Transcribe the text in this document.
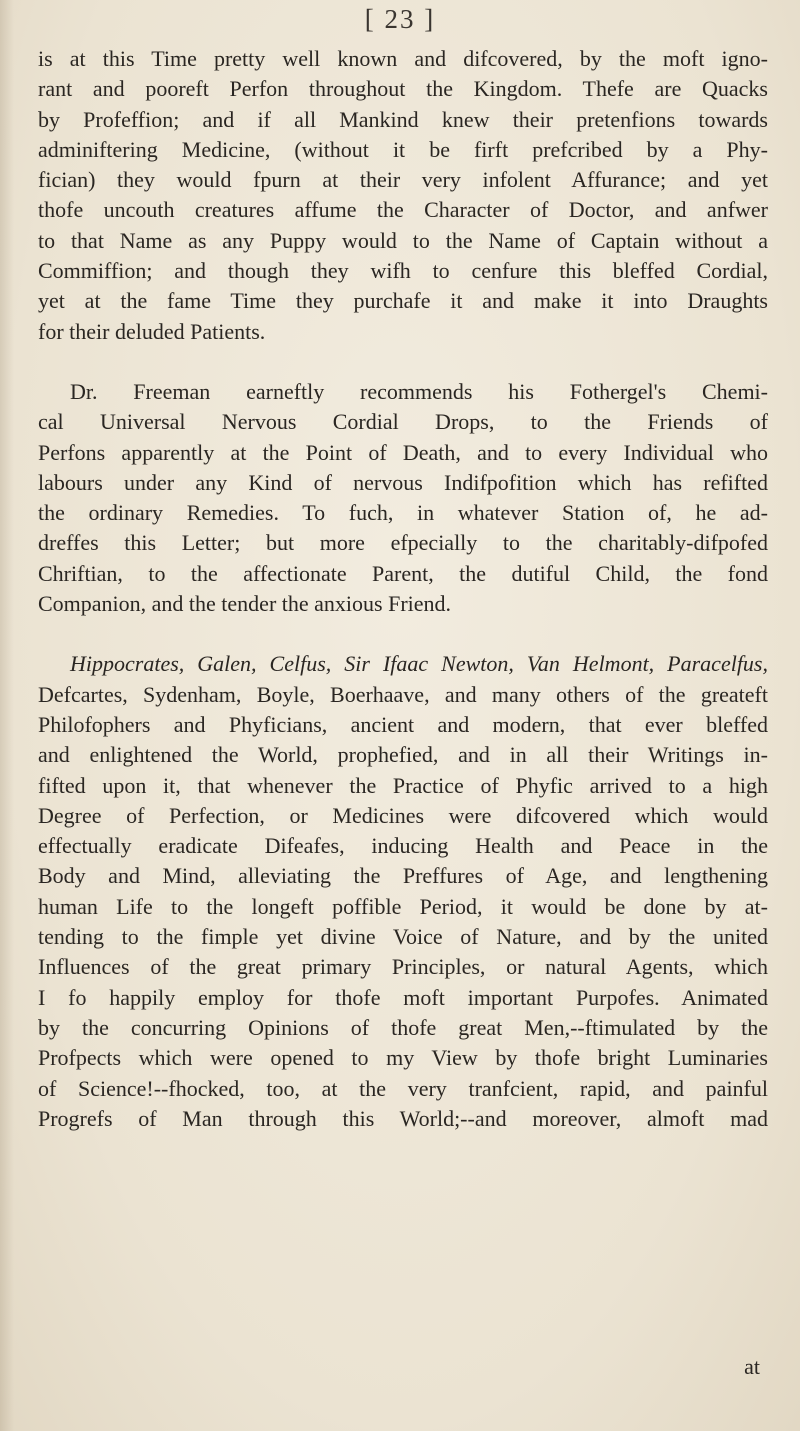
[ 23 ]
is at this Time pretty well known and difcovered, by the moft igno-
rant and pooreft Perfon throughout the Kingdom. Thefe are Quacks
by Profeffion; and if all Mankind knew their pretenfions towards
adminiftering Medicine, (without it be firft prefcribed by a Phy-
fician) they would fpurn at their very infolent Affurance; and yet
thofe uncouth creatures affume the Character of Doctor, and anfwer
to that Name as any Puppy would to the Name of Captain without a
Commiffion; and though they wifh to cenfure this bleffed Cordial,
yet at the fame Time they purchafe it and make it into Draughts
for their deluded Patients.
Dr. Freeman earneftly recommends his Fothergel's Chemi-
cal Universal Nervous Cordial Drops, to the Friends of
Perfons apparently at the Point of Death, and to every Individual who
labours under any Kind of nervous Indifpofition which has refifted
the ordinary Remedies. To fuch, in whatever Station of, he ad-
dreffes this Letter; but more efpecially to the charitably-difpofed
Chriftian, to the affectionate Parent, the dutiful Child, the fond
Companion, and the tender the anxious Friend.
Hippocrates, Galen, Celfus, Sir Ifaac Newton, Van Helmont, Paracelfus,
Defcartes, Sydenham, Boyle, Boerhaave, and many others of the greateft
Philofophers and Phyficians, ancient and modern, that ever bleffed
and enlightened the World, prophefied, and in all their Writings in-
fifted upon it, that whenever the Practice of Phyfic arrived to a high
Degree of Perfection, or Medicines were difcovered which would
effectually eradicate Difeafes, inducing Health and Peace in the
Body and Mind, alleviating the Preffures of Age, and lengthening
human Life to the longeft poffible Period, it would be done by at-
tending to the fimple yet divine Voice of Nature, and by the united
Influences of the great primary Principles, or natural Agents, which
I fo happily employ for thofe moft important Purpofes. Animated
by the concurring Opinions of thofe great Men,--ftimulated by the
Profpects which were opened to my View by thofe bright Luminaries
of Science!--fhocked, too, at the very tranfcient, rapid, and painful
Progrefs of Man through this World;--and moreover, almoft mad
at
